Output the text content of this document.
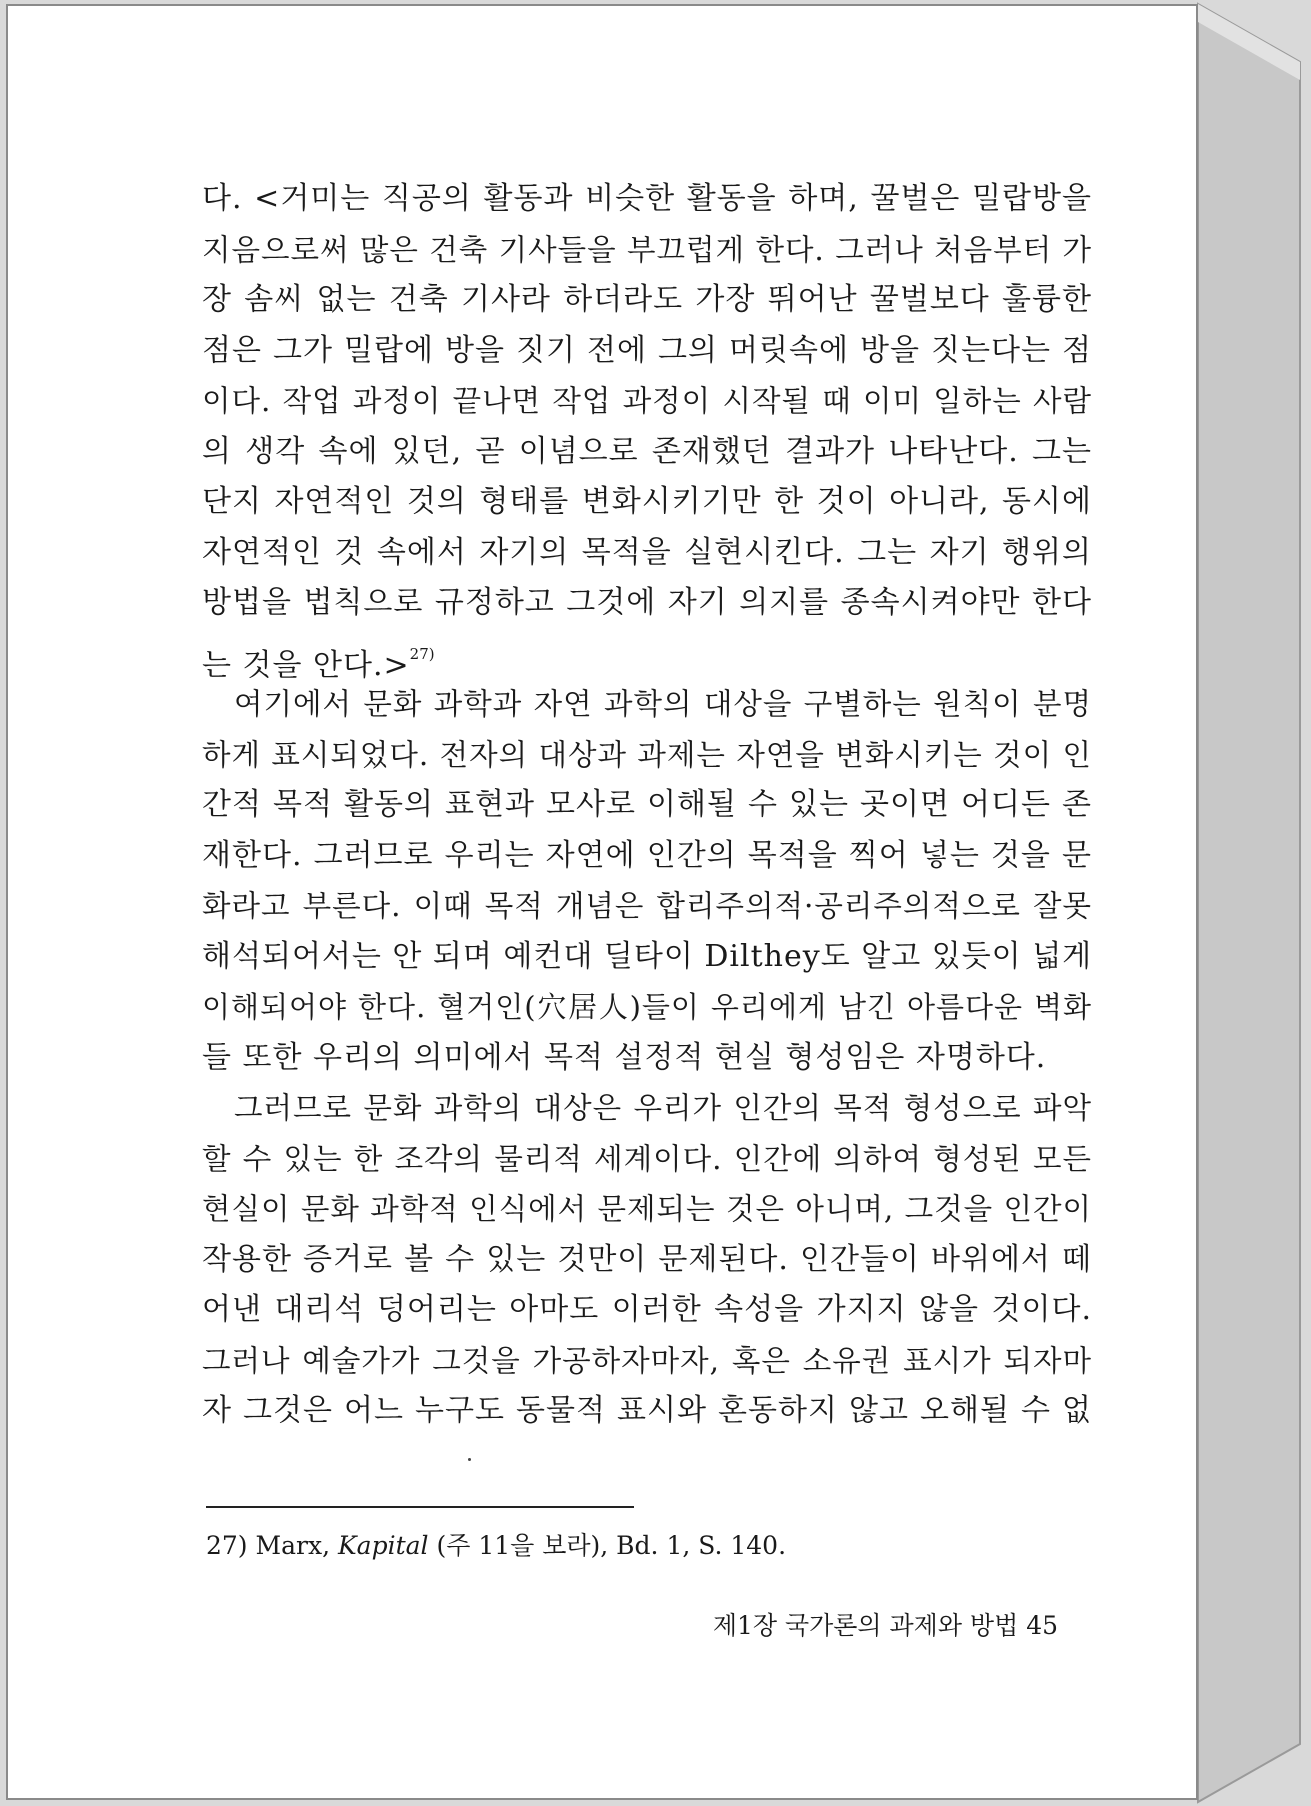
다. <거미는 직공의 활동과 비슷한 활동을 하며, 꿀벌은 밀랍방을
지음으로써 많은 건축 기사들을 부끄럽게 한다. 그러나 처음부터 가
장 솜씨 없는 건축 기사라 하더라도 가장 뛰어난 꿀벌보다 훌륭한
점은 그가 밀랍에 방을 짓기 전에 그의 머릿속에 방을 짓는다는 점
이다. 작업 과정이 끝나면 작업 과정이 시작될 때 이미 일하는 사람
의 생각 속에 있던, 곧 이념으로 존재했던 결과가 나타난다. 그는
단지 자연적인 것의 형태를 변화시키기만 한 것이 아니라, 동시에
자연적인 것 속에서 자기의 목적을 실현시킨다. 그는 자기 행위의
방법을 법칙으로 규정하고 그것에 자기 의지를 종속시켜야만 한다
는 것을 안다.>$^{27)}$
여기에서 문화 과학과 자연 과학의 대상을 구별하는 원칙이 분명
하게 표시되었다. 전자의 대상과 과제는 자연을 변화시키는 것이 인
간적 목적 활동의 표현과 모사로 이해될 수 있는 곳이면 어디든 존
재한다. 그러므로 우리는 자연에 인간의 목적을 찍어 넣는 것을 문
화라고 부른다. 이때 목적 개념은 합리주의적·공리주의적으로 잘못
해석되어서는 안 되며 예컨대 딜타이 Dilthey도 알고 있듯이 넓게
이해되어야 한다. 혈거인(穴居人)들이 우리에게 남긴 아름다운 벽화
들 또한 우리의 의미에서 목적 설정적 현실 형성임은 자명하다.
그러므로 문화 과학의 대상은 우리가 인간의 목적 형성으로 파악
할 수 있는 한 조각의 물리적 세계이다. 인간에 의하여 형성된 모든
현실이 문화 과학적 인식에서 문제되는 것은 아니며, 그것을 인간이
작용한 증거로 볼 수 있는 것만이 문제된다. 인간들이 바위에서 떼
어낸 대리석 덩어리는 아마도 이러한 속성을 가지지 않을 것이다.
그러나 예술가가 그것을 가공하자마자, 혹은 소유권 표시가 되자마
자 그것은 어느 누구도 동물적 표시와 혼동하지 않고 오해될 수 없
27) Marx, Kapital (주 11을 보라), Bd. 1, S. 140.
제1장 국가론의 과제와 방법 45
